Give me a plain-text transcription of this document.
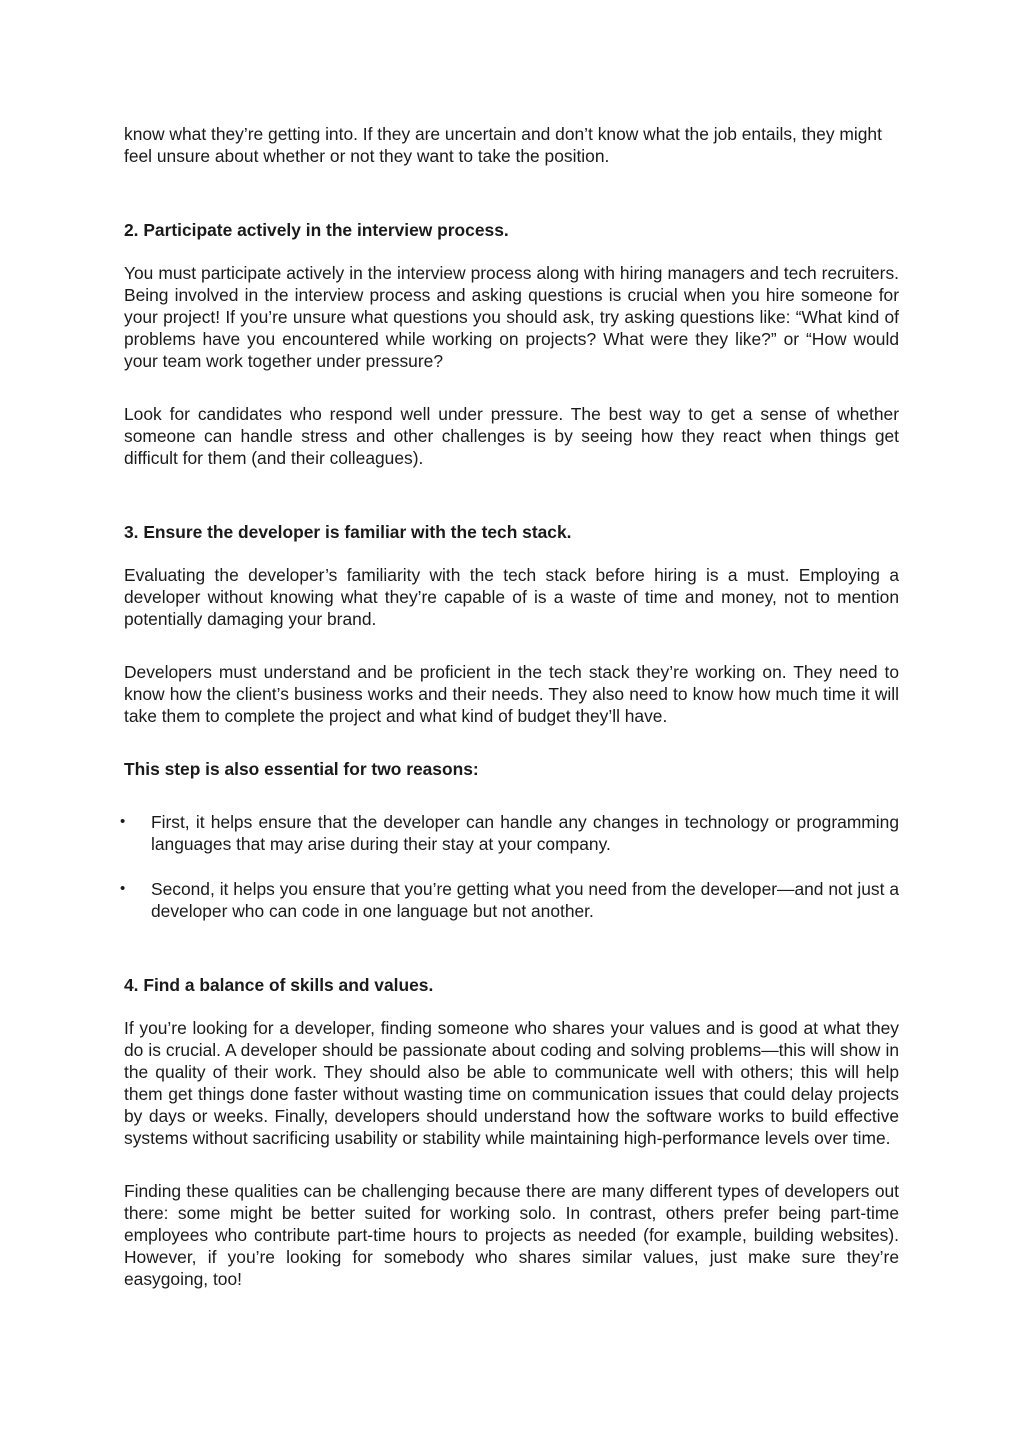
know what they’re getting into. If they are uncertain and don’t know what the job entails, they might feel unsure about whether or not they want to take the position.

2. Participate actively in the interview process.

You must participate actively in the interview process along with hiring managers and tech recruiters. Being involved in the interview process and asking questions is crucial when you hire someone for your project! If you’re unsure what questions you should ask, try asking questions like: “What kind of problems have you encountered while working on projects? What were they like?” or “How would your team work together under pressure?

Look for candidates who respond well under pressure. The best way to get a sense of whether someone can handle stress and other challenges is by seeing how they react when things get difficult for them (and their colleagues).

3. Ensure the developer is familiar with the tech stack.

Evaluating the developer’s familiarity with the tech stack before hiring is a must. Employing a developer without knowing what they’re capable of is a waste of time and money, not to mention potentially damaging your brand.

Developers must understand and be proficient in the tech stack they’re working on. They need to know how the client’s business works and their needs. They also need to know how much time it will take them to complete the project and what kind of budget they’ll have.

This step is also essential for two reasons:
• First, it helps ensure that the developer can handle any changes in technology or programming languages that may arise during their stay at your company.
• Second, it helps you ensure that you’re getting what you need from the developer—and not just a developer who can code in one language but not another.
4. Find a balance of skills and values.

If you’re looking for a developer, finding someone who shares your values and is good at what they do is crucial. A developer should be passionate about coding and solving problems—this will show in the quality of their work. They should also be able to communicate well with others; this will help them get things done faster without wasting time on communication issues that could delay projects by days or weeks. Finally, developers should understand how the software works to build effective systems without sacrificing usability or stability while maintaining high-performance levels over time.

Finding these qualities can be challenging because there are many different types of developers out there: some might be better suited for working solo. In contrast, others prefer being part-time employees who contribute part-time hours to projects as needed (for example, building websites). However, if you’re looking for somebody who shares similar values, just make sure they’re easygoing, too!
